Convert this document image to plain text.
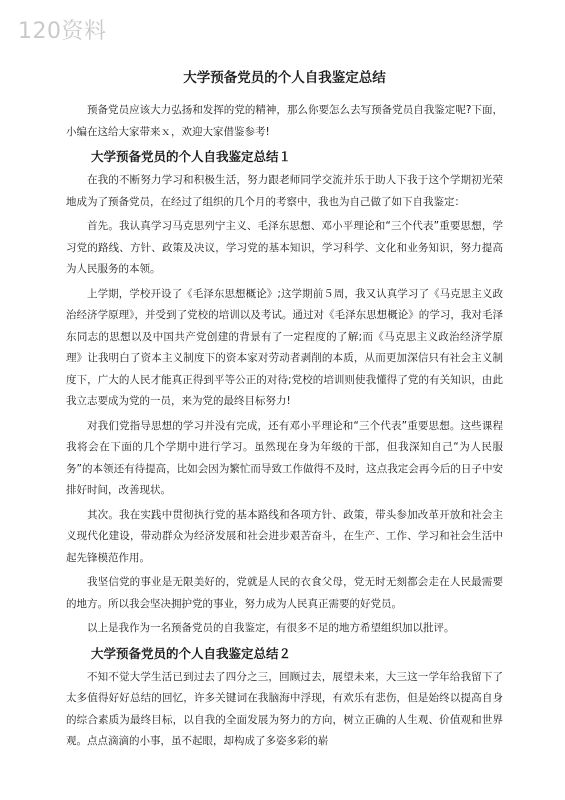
120资料
大学预备党员的个人自我鉴定总结

预备党员应该大力弘扬和发挥的党的精神，那么你要怎么去写预备党员自我鉴定呢?下面，小编在这给大家带来ｘ，欢迎大家借鉴参考!

大学预备党员的个人自我鉴定总结１

在我的不断努力学习和积极生活，努力跟老师同学交流并乐于助人下我于这个学期初光荣地成为了预备党员，在经过了组织的几个月的考察中，我也为自己做了如下自我鉴定：

首先。我认真学习马克思列宁主义、毛泽东思想、邓小平理论和“三个代表”重要思想，学习党的路线、方针、政策及决议，学习党的基本知识，学习科学、文化和业务知识，努力提高为人民服务的本领。

上学期，学校开设了《毛泽东思想概论》;这学期前５周，我又认真学习了《马克思主义政治经济学原理》，并受到了党校的培训以及考试。通过对《毛泽东思想概论》的学习，我对毛泽东同志的思想以及中国共产党创建的背景有了一定程度的了解;而《马克思主义政治经济学原理》让我明白了资本主义制度下的资本家对劳动者剥削的本质，从而更加深信只有社会主义制度下，广大的人民才能真正得到平等公正的对待;党校的培训则使我懂得了党的有关知识，由此我立志要成为党的一员，来为党的最终目标努力!

对我们党指导思想的学习并没有完成，还有邓小平理论和“三个代表”重要思想。这些课程我将会在下面的几个学期中进行学习。虽然现在身为年级的干部，但我深知自己“为人民服务”的本领还有待提高，比如会因为繁忙而导致工作做得不及时，这点我定会再今后的日子中安排好时间，改善现状。

其次。我在实践中贯彻执行党的基本路线和各项方针、政策，带头参加改革开放和社会主义现代化建设，带动群众为经济发展和社会进步艰苦奋斗，在生产、工作、学习和社会生活中起先锋模范作用。

我坚信党的事业是无限美好的，党就是人民的衣食父母，党无时无刻都会走在人民最需要的地方。所以我会坚决拥护党的事业，努力成为人民真正需要的好党员。

以上是我作为一名预备党员的自我鉴定，有很多不足的地方希望组织加以批评。

大学预备党员的个人自我鉴定总结２

不知不觉大学生活已到过去了四分之三，回顾过去，展望未来，大三这一学年给我留下了太多值得好好总结的回忆，许多关键词在我脑海中浮现，有欢乐有悲伤，但是始终以提高自身的综合素质为最终目标，以自我的全面发展为努力的方向，树立正确的人生观、价值观和世界观。点点滴滴的小事，虽不起眼，却构成了多姿多彩的崭
